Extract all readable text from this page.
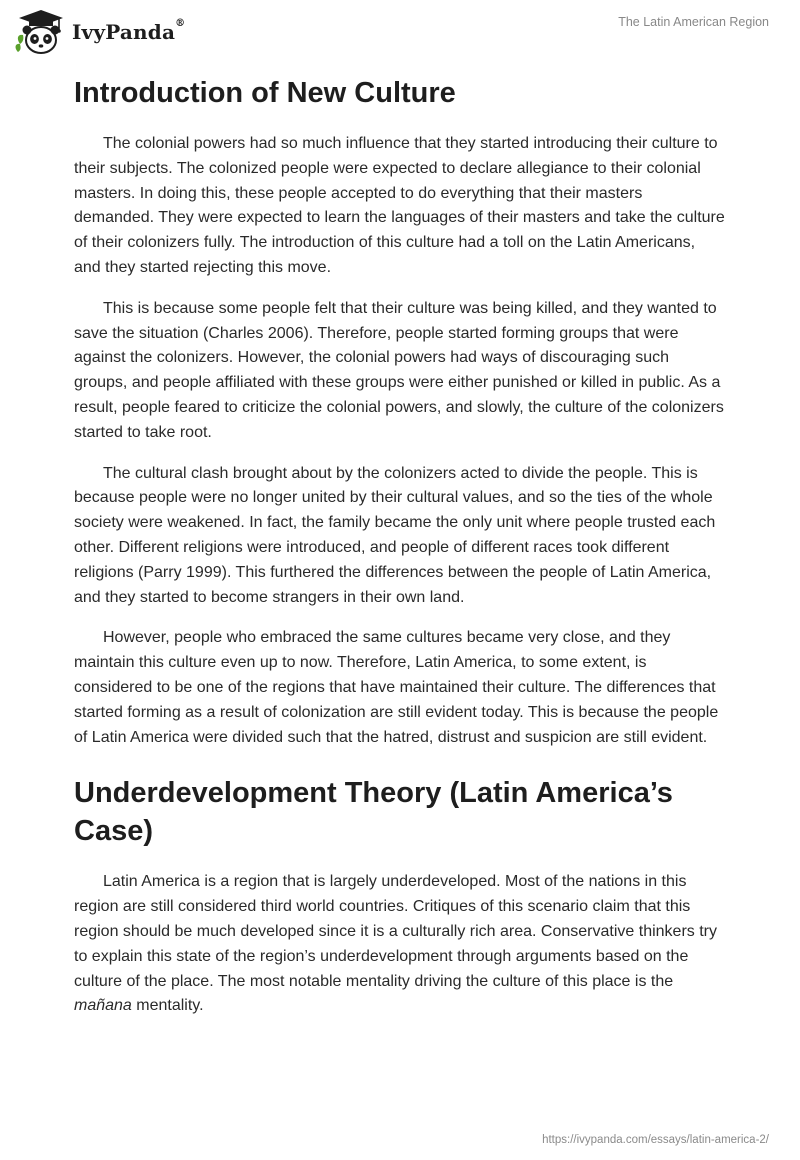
IvyPanda®	The Latin American Region
Introduction of New Culture

The colonial powers had so much influence that they started introducing their culture to their subjects. The colonized people were expected to declare allegiance to their colonial masters. In doing this, these people accepted to do everything that their masters demanded. They were expected to learn the languages of their masters and take the culture of their colonizers fully. The introduction of this culture had a toll on the Latin Americans, and they started rejecting this move.

This is because some people felt that their culture was being killed, and they wanted to save the situation (Charles 2006). Therefore, people started forming groups that were against the colonizers. However, the colonial powers had ways of discouraging such groups, and people affiliated with these groups were either punished or killed in public. As a result, people feared to criticize the colonial powers, and slowly, the culture of the colonizers started to take root.

The cultural clash brought about by the colonizers acted to divide the people. This is because people were no longer united by their cultural values, and so the ties of the whole society were weakened. In fact, the family became the only unit where people trusted each other. Different religions were introduced, and people of different races took different religions (Parry 1999). This furthered the differences between the people of Latin America, and they started to become strangers in their own land.

However, people who embraced the same cultures became very close, and they maintain this culture even up to now. Therefore, Latin America, to some extent, is considered to be one of the regions that have maintained their culture. The differences that started forming as a result of colonization are still evident today. This is because the people of Latin America were divided such that the hatred, distrust and suspicion are still evident.

Underdevelopment Theory (Latin America’s Case)

Latin America is a region that is largely underdeveloped. Most of the nations in this region are still considered third world countries. Critiques of this scenario claim that this region should be much developed since it is a culturally rich area. Conservative thinkers try to explain this state of the region’s underdevelopment through arguments based on the culture of the place. The most notable mentality driving the culture of this place is the mañana mentality.

https://ivypanda.com/essays/latin-america-2/
